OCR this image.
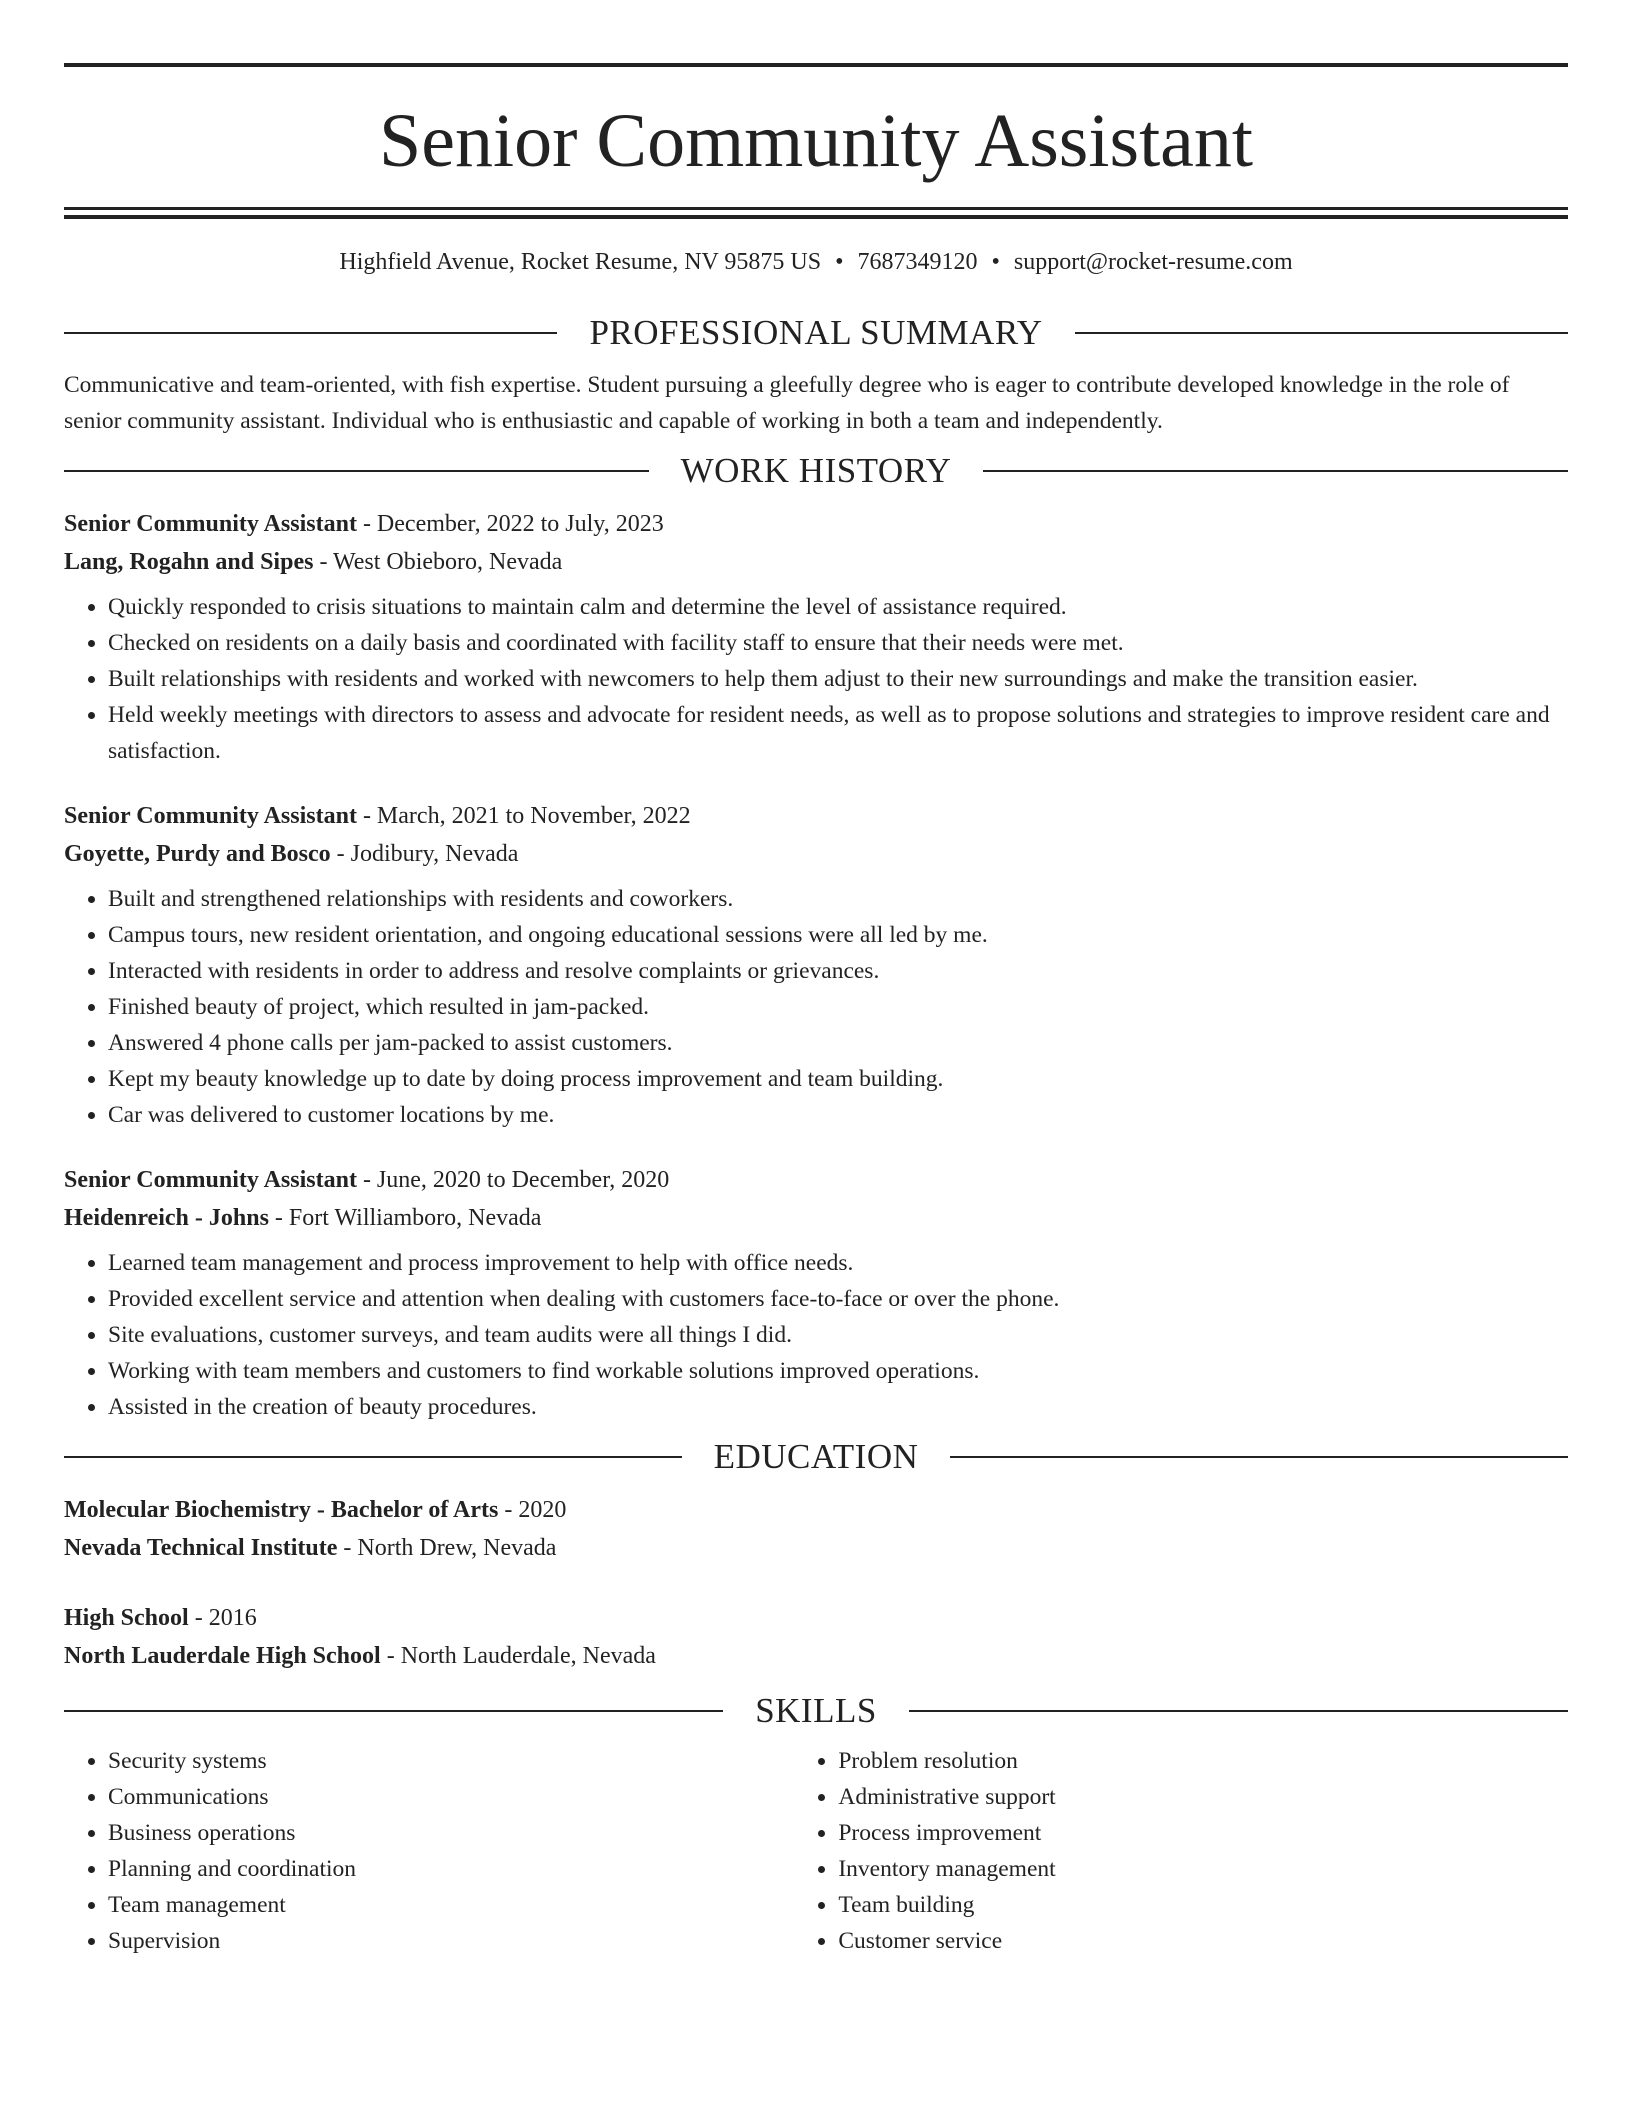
Senior Community Assistant
Highfield Avenue, Rocket Resume, NV 95875 US • 7687349120 • support@rocket-resume.com
PROFESSIONAL SUMMARY

Communicative and team-oriented, with fish expertise. Student pursuing a gleefully degree who is eager to contribute developed knowledge in the role of senior community assistant. Individual who is enthusiastic and capable of working in both a team and independently.

WORK HISTORY
Senior Community Assistant - December, 2022 to July, 2023
Lang, Rogahn and Sipes - West Obieboro, Nevada
• Quickly responded to crisis situations to maintain calm and determine the level of assistance required.
• Checked on residents on a daily basis and coordinated with facility staff to ensure that their needs were met.
• Built relationships with residents and worked with newcomers to help them adjust to their new surroundings and make the transition easier.
• Held weekly meetings with directors to assess and advocate for resident needs, as well as to propose solutions and strategies to improve resident care and satisfaction.
Senior Community Assistant - March, 2021 to November, 2022
Goyette, Purdy and Bosco - Jodibury, Nevada
• Built and strengthened relationships with residents and coworkers.
• Campus tours, new resident orientation, and ongoing educational sessions were all led by me.
• Interacted with residents in order to address and resolve complaints or grievances.
• Finished beauty of project, which resulted in jam-packed.
• Answered 4 phone calls per jam-packed to assist customers.
• Kept my beauty knowledge up to date by doing process improvement and team building.
• Car was delivered to customer locations by me.
Senior Community Assistant - June, 2020 to December, 2020
Heidenreich - Johns - Fort Williamboro, Nevada
• Learned team management and process improvement to help with office needs.
• Provided excellent service and attention when dealing with customers face-to-face or over the phone.
• Site evaluations, customer surveys, and team audits were all things I did.
• Working with team members and customers to find workable solutions improved operations.
• Assisted in the creation of beauty procedures.
EDUCATION
Molecular Biochemistry - Bachelor of Arts - 2020
Nevada Technical Institute - North Drew, Nevada
High School - 2016
North Lauderdale High School - North Lauderdale, Nevada
SKILLS
• Security systems
• Communications
• Business operations
• Planning and coordination
• Team management
• Supervision
• Problem resolution
• Administrative support
• Process improvement
• Inventory management
• Team building
• Customer service
